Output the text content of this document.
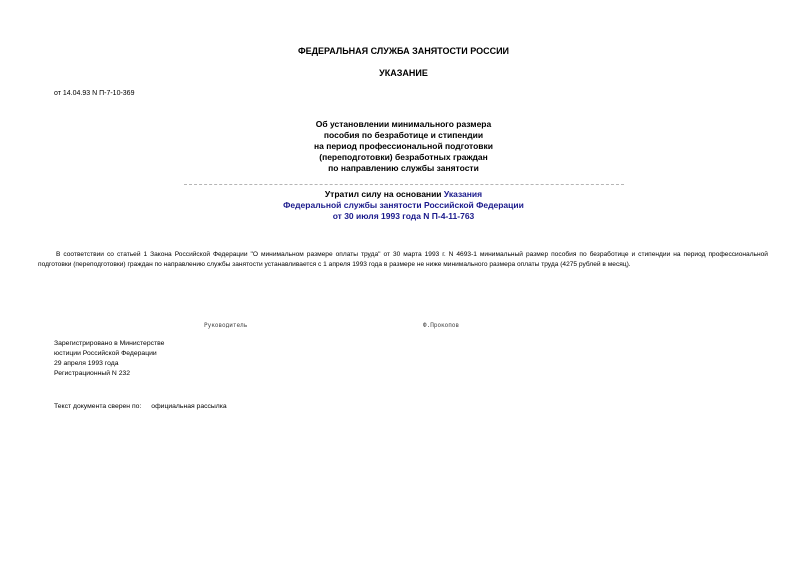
ФЕДЕРАЛЬНАЯ СЛУЖБА ЗАНЯТОСТИ РОССИИ
УКАЗАНИЕ
от 14.04.93 N П-7-10-369
Об установлении минимального размера
пособия по безработице и стипендии
на период профессиональной подготовки
(переподготовки) безработных граждан
по направлению службы занятости
Утратил силу на основании Указания
Федеральной службы занятости Российской Федерации
от 30 июля 1993 года N П-4-11-763

В соответствии со статьей 1 Закона Российской Федерации "О минимальном размере оплаты труда" от 30 марта 1993 г. N 4693-1 минимальный размер пособия по безработице и стипендии на период профессиональной подготовки (переподготовки) граждан по направлению службы занятости устанавливается с 1 апреля 1993 года в размере не ниже минимального размера оплаты труда (4275 рублей в месяц).

Руководитель	Ф.Прокопов
Зарегистрировано в Министерстве
юстиции Российской Федерации
29 апреля 1993 года
Регистрационный N 232
Текст документа сверен по: официальная рассылка
